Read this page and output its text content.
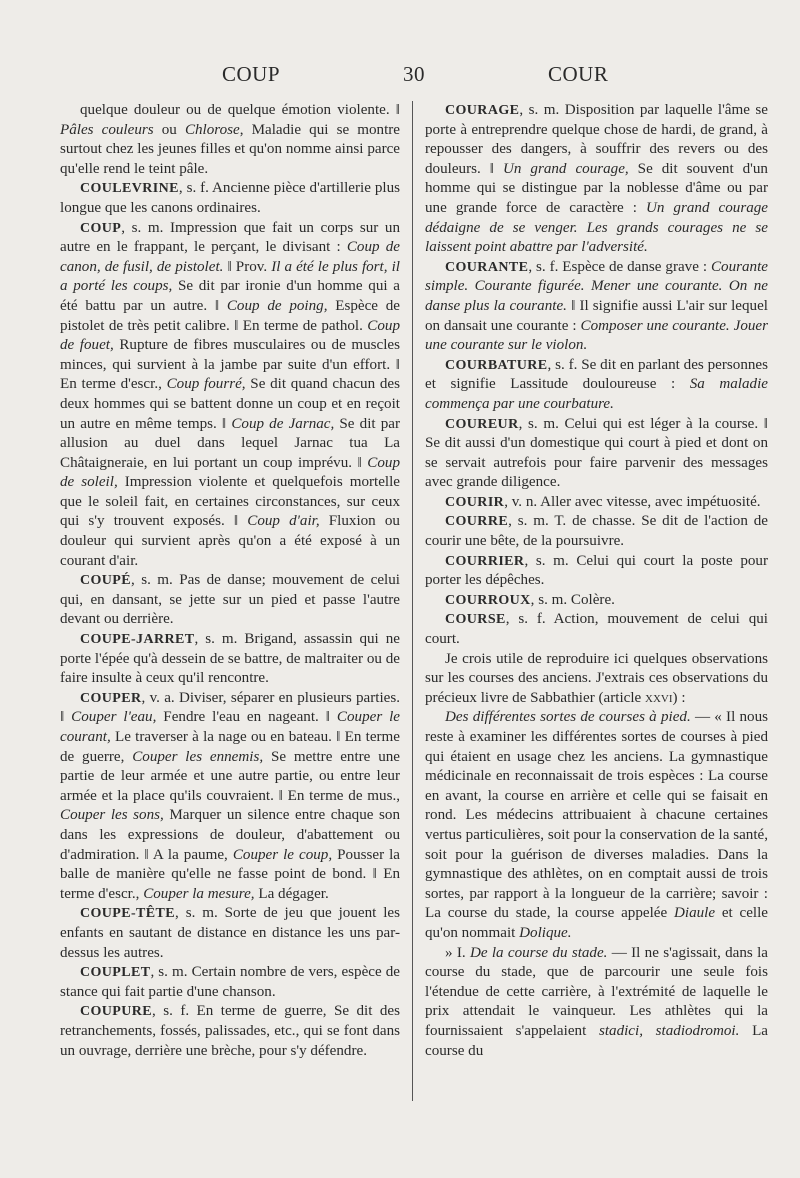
COUP	30	COUR

quelque douleur ou de quelque émotion violente. ‖ Pâles couleurs ou Chlorose, Maladie qui se montre surtout chez les jeunes filles et qu'on nomme ainsi parce qu'elle rend le teint pâle.

COULEVRINE, s. f. Ancienne pièce d'artillerie plus longue que les canons ordinaires.

COUP, s. m. Impression que fait un corps sur un autre en le frappant, le perçant, le divisant : Coup de canon, de fusil, de pistolet. ‖ Prov. Il a été le plus fort, il a porté les coups, Se dit par ironie d'un homme qui a été battu par un autre. ‖ Coup de poing, Espèce de pistolet de très petit calibre. ‖ En terme de pathol. Coup de fouet, Rupture de fibres musculaires ou de muscles minces, qui survient à la jambe par suite d'un effort. ‖ En terme d'escr., Coup fourré, Se dit quand chacun des deux hommes qui se battent donne un coup et en reçoit un autre en même temps. ‖ Coup de Jarnac, Se dit par allusion au duel dans lequel Jarnac tua La Châtaigneraie, en lui portant un coup imprévu. ‖ Coup de soleil, Impression violente et quelquefois mortelle que le soleil fait, en certaines circonstances, sur ceux qui s'y trouvent exposés. ‖ Coup d'air, Fluxion ou douleur qui survient après qu'on a été exposé à un courant d'air.

COUPÉ, s. m. Pas de danse; mouvement de celui qui, en dansant, se jette sur un pied et passe l'autre devant ou derrière.

COUPE-JARRET, s. m. Brigand, assassin qui ne porte l'épée qu'à dessein de se battre, de maltraiter ou de faire insulte à ceux qu'il rencontre.

COUPER, v. a. Diviser, séparer en plusieurs parties. ‖ Couper l'eau, Fendre l'eau en nageant. ‖ Couper le courant, Le traverser à la nage ou en bateau. ‖ En terme de guerre, Couper les ennemis, Se mettre entre une partie de leur armée et une autre partie, ou entre leur armée et la place qu'ils couvraient. ‖ En terme de mus., Couper les sons, Marquer un silence entre chaque son dans les expressions de douleur, d'abattement ou d'admiration. ‖ A la paume, Couper le coup, Pousser la balle de manière qu'elle ne fasse point de bond. ‖ En terme d'escr., Couper la mesure, La dégager.

COUPE-TÊTE, s. m. Sorte de jeu que jouent les enfants en sautant de distance en distance les uns par-dessus les autres.

COUPLET, s. m. Certain nombre de vers, espèce de stance qui fait partie d'une chanson.

COUPURE, s. f. En terme de guerre, Se dit des retranchements, fossés, palissades, etc., qui se font dans un ouvrage, derrière une brèche, pour s'y défendre.

COURAGE, s. m. Disposition par laquelle l'âme se porte à entreprendre quelque chose de hardi, de grand, à repousser des dangers, à souffrir des revers ou des douleurs. ‖ Un grand courage, Se dit souvent d'un homme qui se distingue par la noblesse d'âme ou par une grande force de caractère : Un grand courage dédaigne de se venger. Les grands courages ne se laissent point abattre par l'adversité.

COURANTE, s. f. Espèce de danse grave : Courante simple. Courante figurée. Mener une courante. On ne danse plus la courante. ‖ Il signifie aussi L'air sur lequel on dansait une courante : Composer une courante. Jouer une courante sur le violon.

COURBATURE, s. f. Se dit en parlant des personnes et signifie Lassitude douloureuse : Sa maladie commença par une courbature.

COUREUR, s. m. Celui qui est léger à la course. ‖ Se dit aussi d'un domestique qui court à pied et dont on se servait autrefois pour faire parvenir des messages avec grande diligence.

COURIR, v. n. Aller avec vitesse, avec impétuosité.

COURRE, s. m. T. de chasse. Se dit de l'action de courir une bête, de la poursuivre.

COURRIER, s. m. Celui qui court la poste pour porter les dépêches.

COURROUX, s. m. Colère.

COURSE, s. f. Action, mouvement de celui qui court.

Je crois utile de reproduire ici quelques observations sur les courses des anciens. J'extrais ces observations du précieux livre de Sabbathier (article xxvi) :

Des différentes sortes de courses à pied. — « Il nous reste à examiner les différentes sortes de courses à pied qui étaient en usage chez les anciens. La gymnastique médicinale en reconnaissait de trois espèces : La course en avant, la course en arrière et celle qui se faisait en rond. Les médecins attribuaient à chacune certaines vertus particulières, soit pour la conservation de la santé, soit pour la guérison de diverses maladies. Dans la gymnastique des athlètes, on en comptait aussi de trois sortes, par rapport à la longueur de la carrière; savoir : La course du stade, la course appelée Diaule et celle qu'on nommait Dolique.

» I. De la course du stade. — Il ne s'agissait, dans la course du stade, que de parcourir une seule fois l'étendue de cette carrière, à l'extrémité de laquelle le prix attendait le vainqueur. Les athlètes qui la fournissaient s'appelaient stadici, stadiodromoi. La course du
